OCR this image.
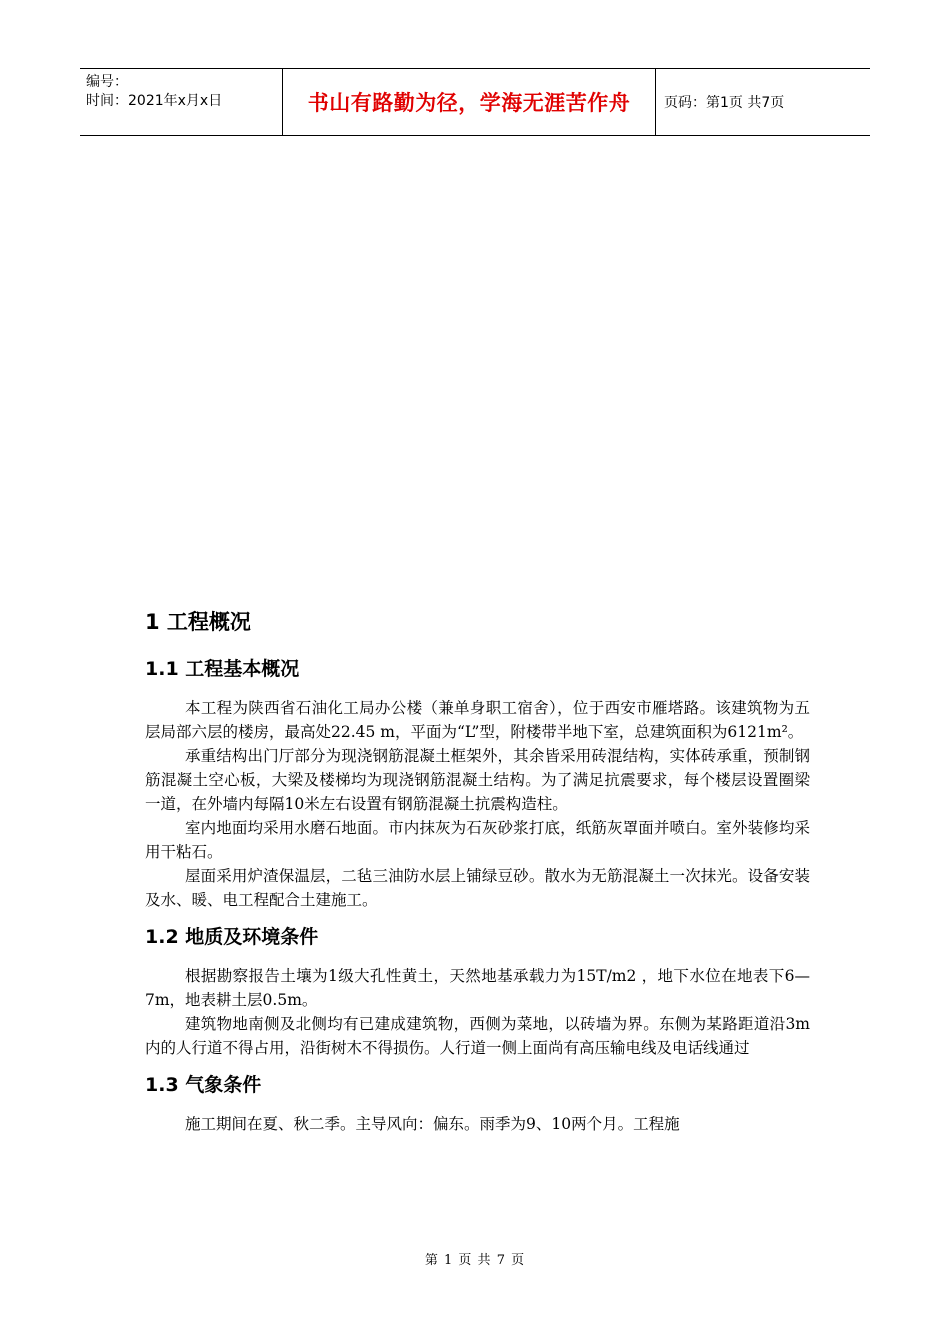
编号：
时间：2021年x月x日	书山有路勤为径，学海无涯苦作舟	页码：第1页 共7页
1 工程概况
1.1 工程基本概况

本工程为陕西省石油化工局办公楼（兼单身职工宿舍），位于西安市雁塔路。该建筑物为五层局部六层的楼房，最高处22.45 m，平面为“L”型，附楼带半地下室，总建筑面积为6121m²。

承重结构出门厅部分为现浇钢筋混凝土框架外，其余皆采用砖混结构，实体砖承重，预制钢筋混凝土空心板，大梁及楼梯均为现浇钢筋混凝土结构。为了满足抗震要求，每个楼层设置圈梁一道，在外墙内每隔10米左右设置有钢筋混凝土抗震构造柱。

室内地面均采用水磨石地面。市内抹灰为石灰砂浆打底，纸筋灰罩面并喷白。室外装修均采用干粘石。

屋面采用炉渣保温层，二毡三油防水层上铺绿豆砂。散水为无筋混凝土一次抹光。设备安装及水、暖、电工程配合土建施工。

1.2 地质及环境条件

根据勘察报告土壤为1级大孔性黄土，天然地基承载力为15T/m2 ，地下水位在地表下6—7m，地表耕土层0.5m。

建筑物地南侧及北侧均有已建成建筑物，西侧为菜地，以砖墙为界。东侧为某路距道沿3m内的人行道不得占用，沿街树木不得损伤。人行道一侧上面尚有高压输电线及电话线通过

1.3 气象条件

施工期间在夏、秋二季。主导风向：偏东。雨季为9、10两个月。工程施

第 1 页 共 7 页
